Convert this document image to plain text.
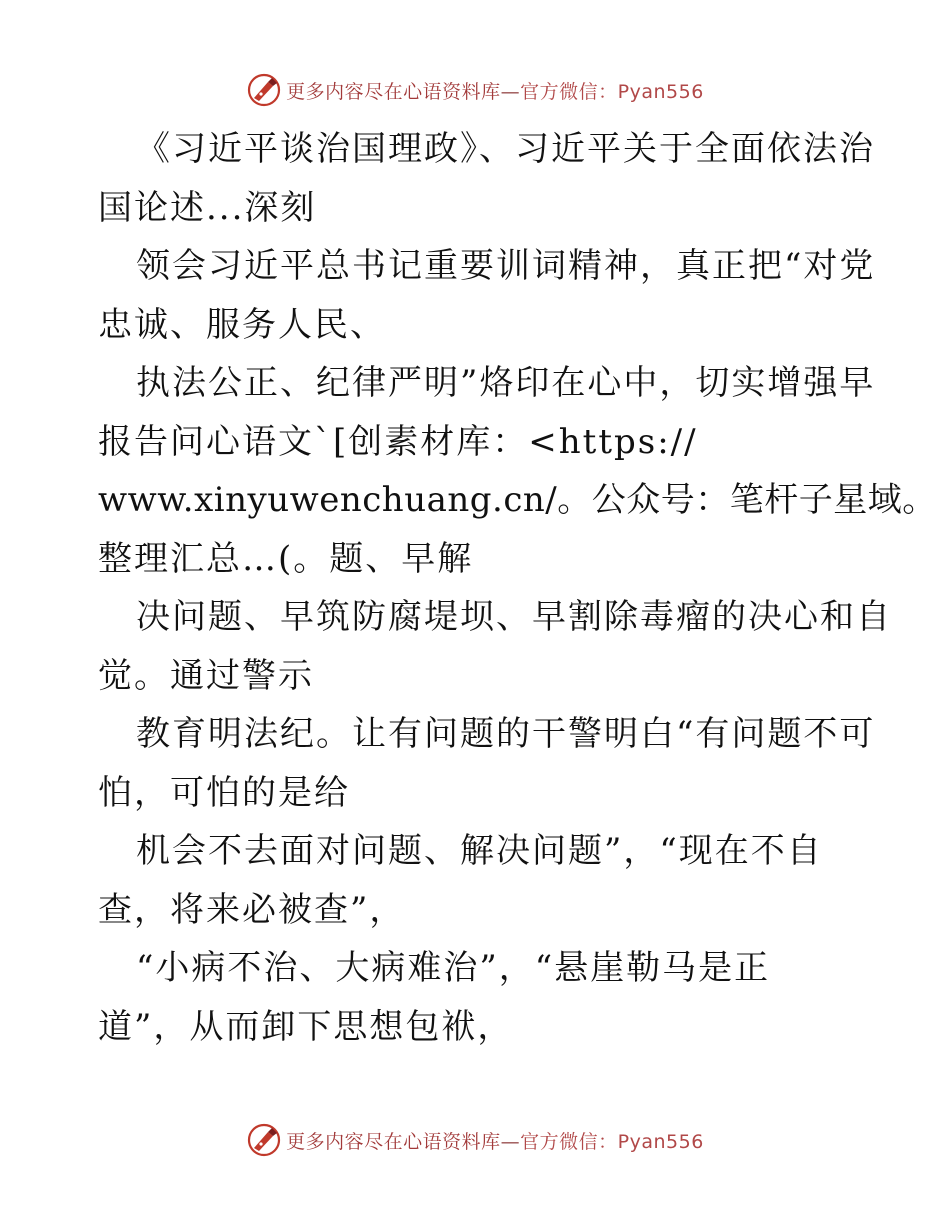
更多内容尽在心语资料库—官方微信：Pyan556
《习近平谈治国理政》、习近平关于全面依法治
国论述...深刻
领会习近平总书记重要训词精神，真正把“对党
忠诚、服务人民、
执法公正、纪律严明”烙印在心中，切实增强早
报告问心语文`[创素材库：<https://
www.xinyuwenchuang.cn/。公众号：笔杆子星域。
整理汇总…(。题、早解
决问题、早筑防腐堤坝、早割除毒瘤的决心和自
觉。通过警示
教育明法纪。让有问题的干警明白“有问题不可
怕，可怕的是给
机会不去面对问题、解决问题”，“现在不自
查，将来必被查”，
“小病不治、大病难治”，“悬崖勒马是正
道”，从而卸下思想包袱，
更多内容尽在心语资料库—官方微信：Pyan556
